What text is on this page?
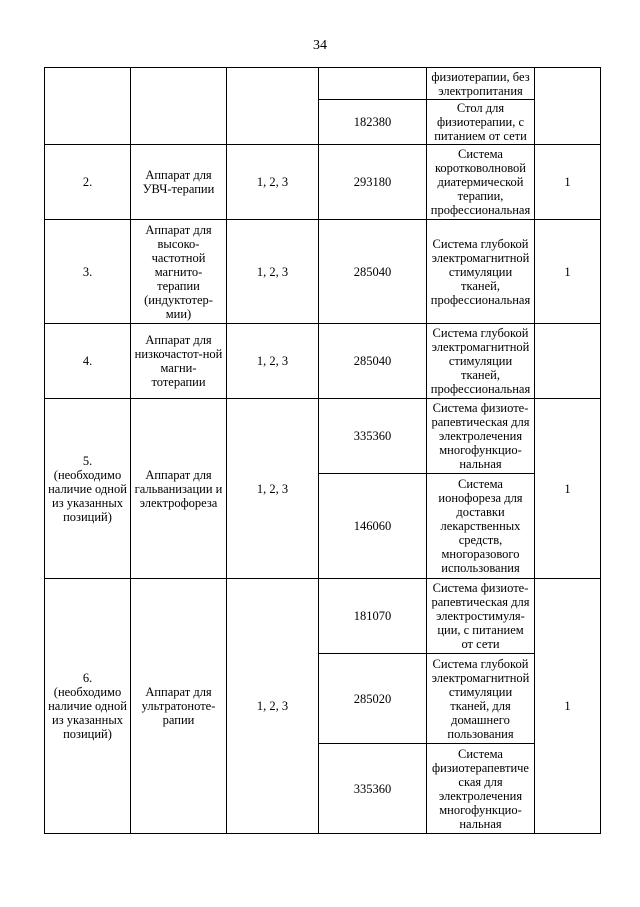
34
				физиотерапии, без электропитания	
			182380	Стол для физиотерапии, с питанием от сети	
2.	Аппарат для УВЧ-терапии	1, 2, 3	293180	Система коротковолновой диатермической терапии, профессиональная	1
3.	Аппарат для высоко-частотной магнито-терапии (индуктотер-мии)	1, 2, 3	285040	Система глубокой электромагнитной стимуляции тканей, профессиональная	1
4.	Аппарат для низкочастот-ной магни-тотерапии	1, 2, 3	285040	Система глубокой электромагнитной стимуляции тканей, профессиональная	

5.
(необходимо наличие одной из указанных позиций)	Аппарат для гальванизации и электрофореза	1, 2, 3	335360	Система физиоте-рапевтическая для электролечения многофункцио-нальная	1
			146060	Система ионофореза для доставки лекарственных средств, многоразового использования	

6.
(необходимо наличие одной из указанных позиций)	Аппарат для ультратоноте-рапии	1, 2, 3	181070	Система физиоте-рапевтическая для электростимуля-ции, с питанием от сети	1
			285020	Система глубокой электромагнитной стимуляции тканей, для домашнего пользования	
			335360	Система физиотерапевтиче ская для электролечения многофункцио-нальная	
